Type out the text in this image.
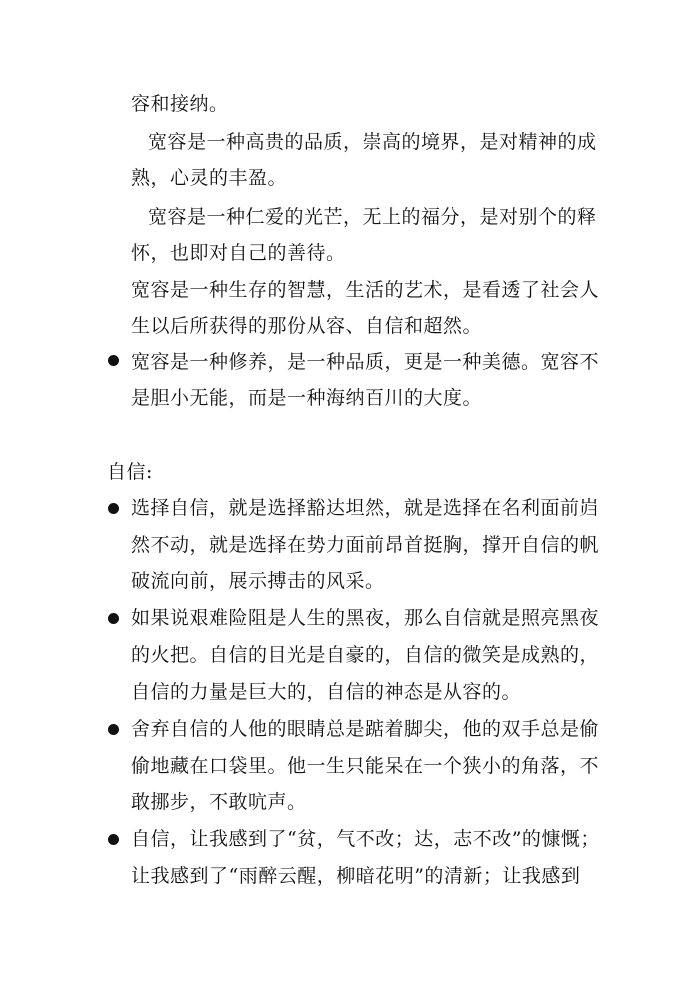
容和接纳。
宽容是一种高贵的品质，崇高的境界，是对精神的成
熟，心灵的丰盈。
宽容是一种仁爱的光芒，无上的福分，是对别个的释
怀，也即对自己的善待。
宽容是一种生存的智慧，生活的艺术，是看透了社会人
生以后所获得的那份从容、自信和超然。
宽容是一种修养，是一种品质，更是一种美德。宽容不
是胆小无能，而是一种海纳百川的大度。
自信:
选择自信，就是选择豁达坦然，就是选择在名利面前岿
然不动，就是选择在势力面前昂首挺胸，撑开自信的帆
破流向前，展示搏击的风采。
如果说艰难险阻是人生的黑夜，那么自信就是照亮黑夜
的火把。自信的目光是自豪的，自信的微笑是成熟的，
自信的力量是巨大的，自信的神态是从容的。
舍弃自信的人他的眼睛总是踮着脚尖，他的双手总是偷
偷地藏在口袋里。他一生只能呆在一个狭小的角落，不
敢挪步，不敢吭声。
自信，让我感到了“贫，气不改；达，志不改”的慷慨；
让我感到了“雨醉云醒，柳暗花明”的清新；让我感到
